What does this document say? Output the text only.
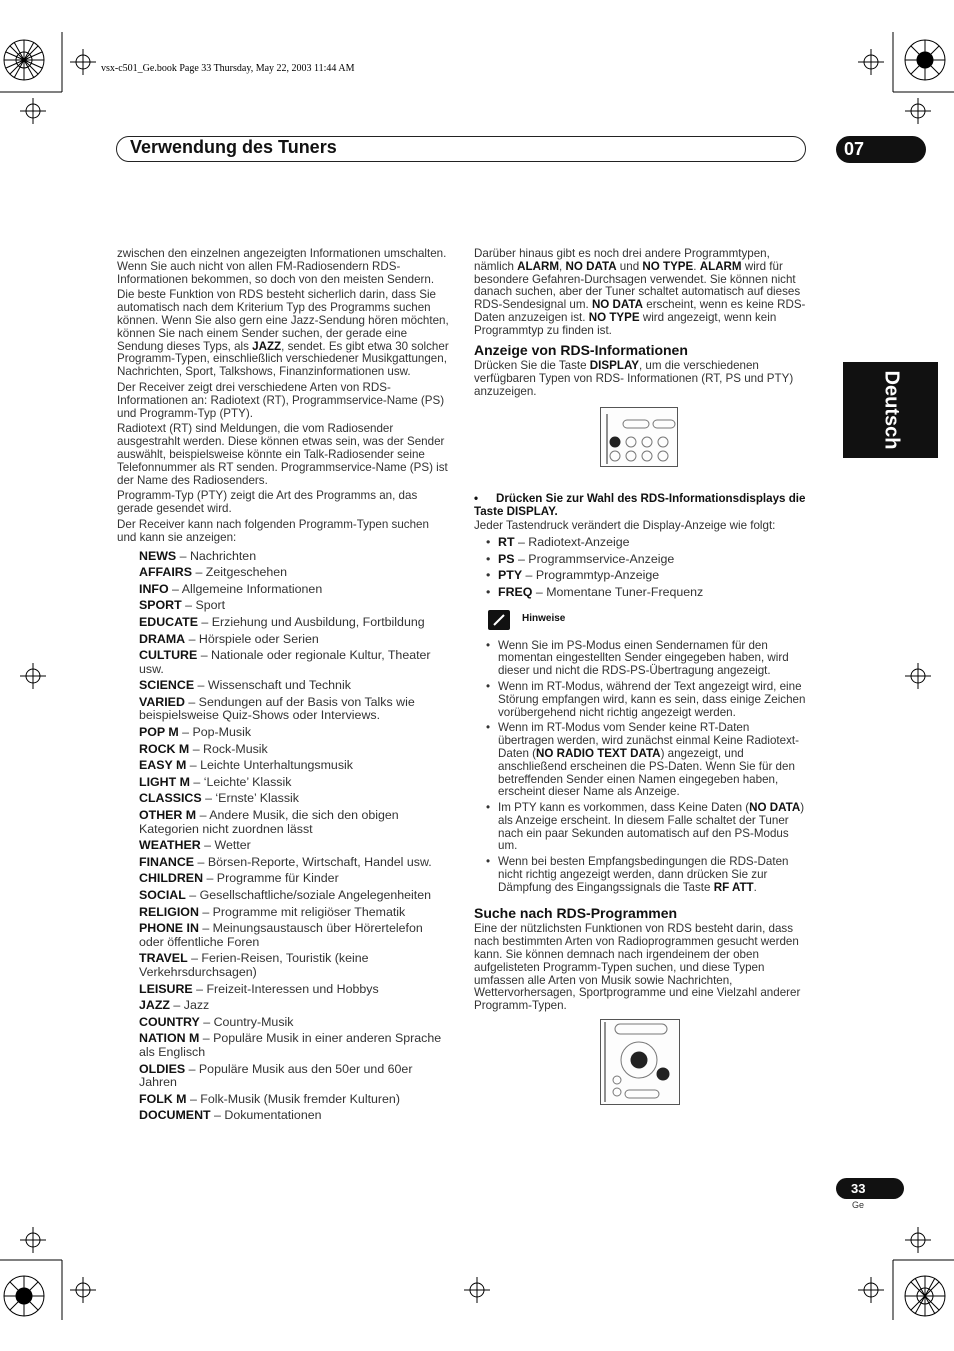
vsx-c501_Ge.book Page 33 Thursday, May 22, 2003 11:44 AM
Verwendung des Tuners	07
Deutsch

zwischen den einzelnen angezeigten Informationen umschalten. Wenn Sie auch nicht von allen FM-Radiosendern RDS-Informationen bekommen, so doch von den meisten Sendern.

Die beste Funktion von RDS besteht sicherlich darin, dass Sie automatisch nach dem Kriterium Typ des Programms suchen können. Wenn Sie also gern eine Jazz-Sendung hören möchten, können Sie nach einem Sender suchen, der gerade eine Sendung dieses Typs, als JAZZ, sendet. Es gibt etwa 30 solcher Programm-Typen, einschließlich verschiedener Musikgattungen, Nachrichten, Sport, Talkshows, Finanzinformationen usw.

Der Receiver zeigt drei verschiedene Arten von RDS-Informationen an: Radiotext (RT), Programmservice-Name (PS) und Programm-Typ (PTY).

Radiotext (RT) sind Meldungen, die vom Radiosender ausgestrahlt werden. Diese können etwas sein, was der Sender auswählt, beispielsweise könnte ein Talk-Radiosender seine Telefonnummer als RT senden. Programmservice-Name (PS) ist der Name des Radiosenders.

Programm-Typ (PTY) zeigt die Art des Programms an, das gerade gesendet wird.

Der Receiver kann nach folgenden Programm-Typen suchen und kann sie anzeigen:

NEWS – Nachrichten
AFFAIRS – Zeitgeschehen
INFO – Allgemeine Informationen
SPORT – Sport
EDUCATE – Erziehung und Ausbildung, Fortbildung
DRAMA – Hörspiele oder Serien
CULTURE – Nationale oder regionale Kultur, Theater usw.
SCIENCE – Wissenschaft und Technik
VARIED – Sendungen auf der Basis von Talks wie beispielsweise Quiz-Shows oder Interviews.
POP M – Pop-Musik
ROCK M – Rock-Musik
EASY M – Leichte Unterhaltungsmusik
LIGHT M – ‘Leichte’ Klassik
CLASSICS – ‘Ernste’ Klassik
OTHER M – Andere Musik, die sich den obigen Kategorien nicht zuordnen lässt
WEATHER – Wetter
FINANCE – Börsen-Reporte, Wirtschaft, Handel usw.
CHILDREN – Programme für Kinder
SOCIAL – Gesellschaftliche/soziale Angelegenheiten
RELIGION – Programme mit religiöser Thematik
PHONE IN – Meinungsaustausch über Hörertelefon oder öffentliche Foren
TRAVEL – Ferien-Reisen, Touristik (keine Verkehrsdurchsagen)
LEISURE – Freizeit-Interessen und Hobbys
JAZZ – Jazz
COUNTRY – Country-Musik
NATION M – Populäre Musik in einer anderen Sprache als Englisch
OLDIES – Populäre Musik aus den 50er und 60er Jahren
FOLK M – Folk-Musik (Musik fremder Kulturen)
DOCUMENT – Dokumentationen

Darüber hinaus gibt es noch drei andere Programmtypen, nämlich ALARM, NO DATA und NO TYPE. ALARM wird für besondere Gefahren-Durchsagen verwendet. Sie können nicht danach suchen, aber der Tuner schaltet automatisch auf dieses RDS-Sendesignal um. NO DATA erscheint, wenn es keine RDS-Daten anzuzeigen ist. NO TYPE wird angezeigt, wenn kein Programmtyp zu finden ist.

Anzeige von RDS-Informationen

Drücken Sie die Taste DISPLAY, um die verschiedenen verfügbaren Typen von RDS- Informationen (RT, PS und PTY) anzuzeigen.

• Drücken Sie zur Wahl des RDS-Informationsdisplays die Taste DISPLAY.

Jeder Tastendruck verändert die Display-Anzeige wie folgt:

• RT – Radiotext-Anzeige
• PS – Programmservice-Anzeige
• PTY – Programmtyp-Anzeige
• FREQ – Momentane Tuner-Frequenz
Hinweise
• Wenn Sie im PS-Modus einen Sendernamen für den momentan eingestellten Sender eingegeben haben, wird dieser und nicht die RDS-PS-Übertragung angezeigt.
• Wenn im RT-Modus, während der Text angezeigt wird, eine Störung empfangen wird, kann es sein, dass einige Zeichen vorübergehend nicht richtig angezeigt werden.
• Wenn im RT-Modus vom Sender keine RT-Daten übertragen werden, wird zunächst einmal Keine Radiotext-Daten (NO RADIO TEXT DATA) angezeigt, und anschließend erscheinen die PS-Daten. Wenn Sie für den betreffenden Sender einen Namen eingegeben haben, erscheint dieser Name als Anzeige.
• Im PTY kann es vorkommen, dass Keine Daten (NO DATA) als Anzeige erscheint. In diesem Falle schaltet der Tuner nach ein paar Sekunden automatisch auf den PS-Modus um.
• Wenn bei besten Empfangsbedingungen die RDS-Daten nicht richtig angezeigt werden, dann drücken Sie zur Dämpfung des Eingangssignals die Taste RF ATT.
Suche nach RDS-Programmen

Eine der nützlichsten Funktionen von RDS besteht darin, dass nach bestimmten Arten von Radioprogrammen gesucht werden kann. Sie können demnach nach irgendeinem der oben aufgelisteten Programm-Typen suchen, und diese Typen umfassen alle Arten von Musik sowie Nachrichten, Wettervorhersagen, Sportprogramme und eine Vielzahl anderer Programm-Typen.

33
Ge
